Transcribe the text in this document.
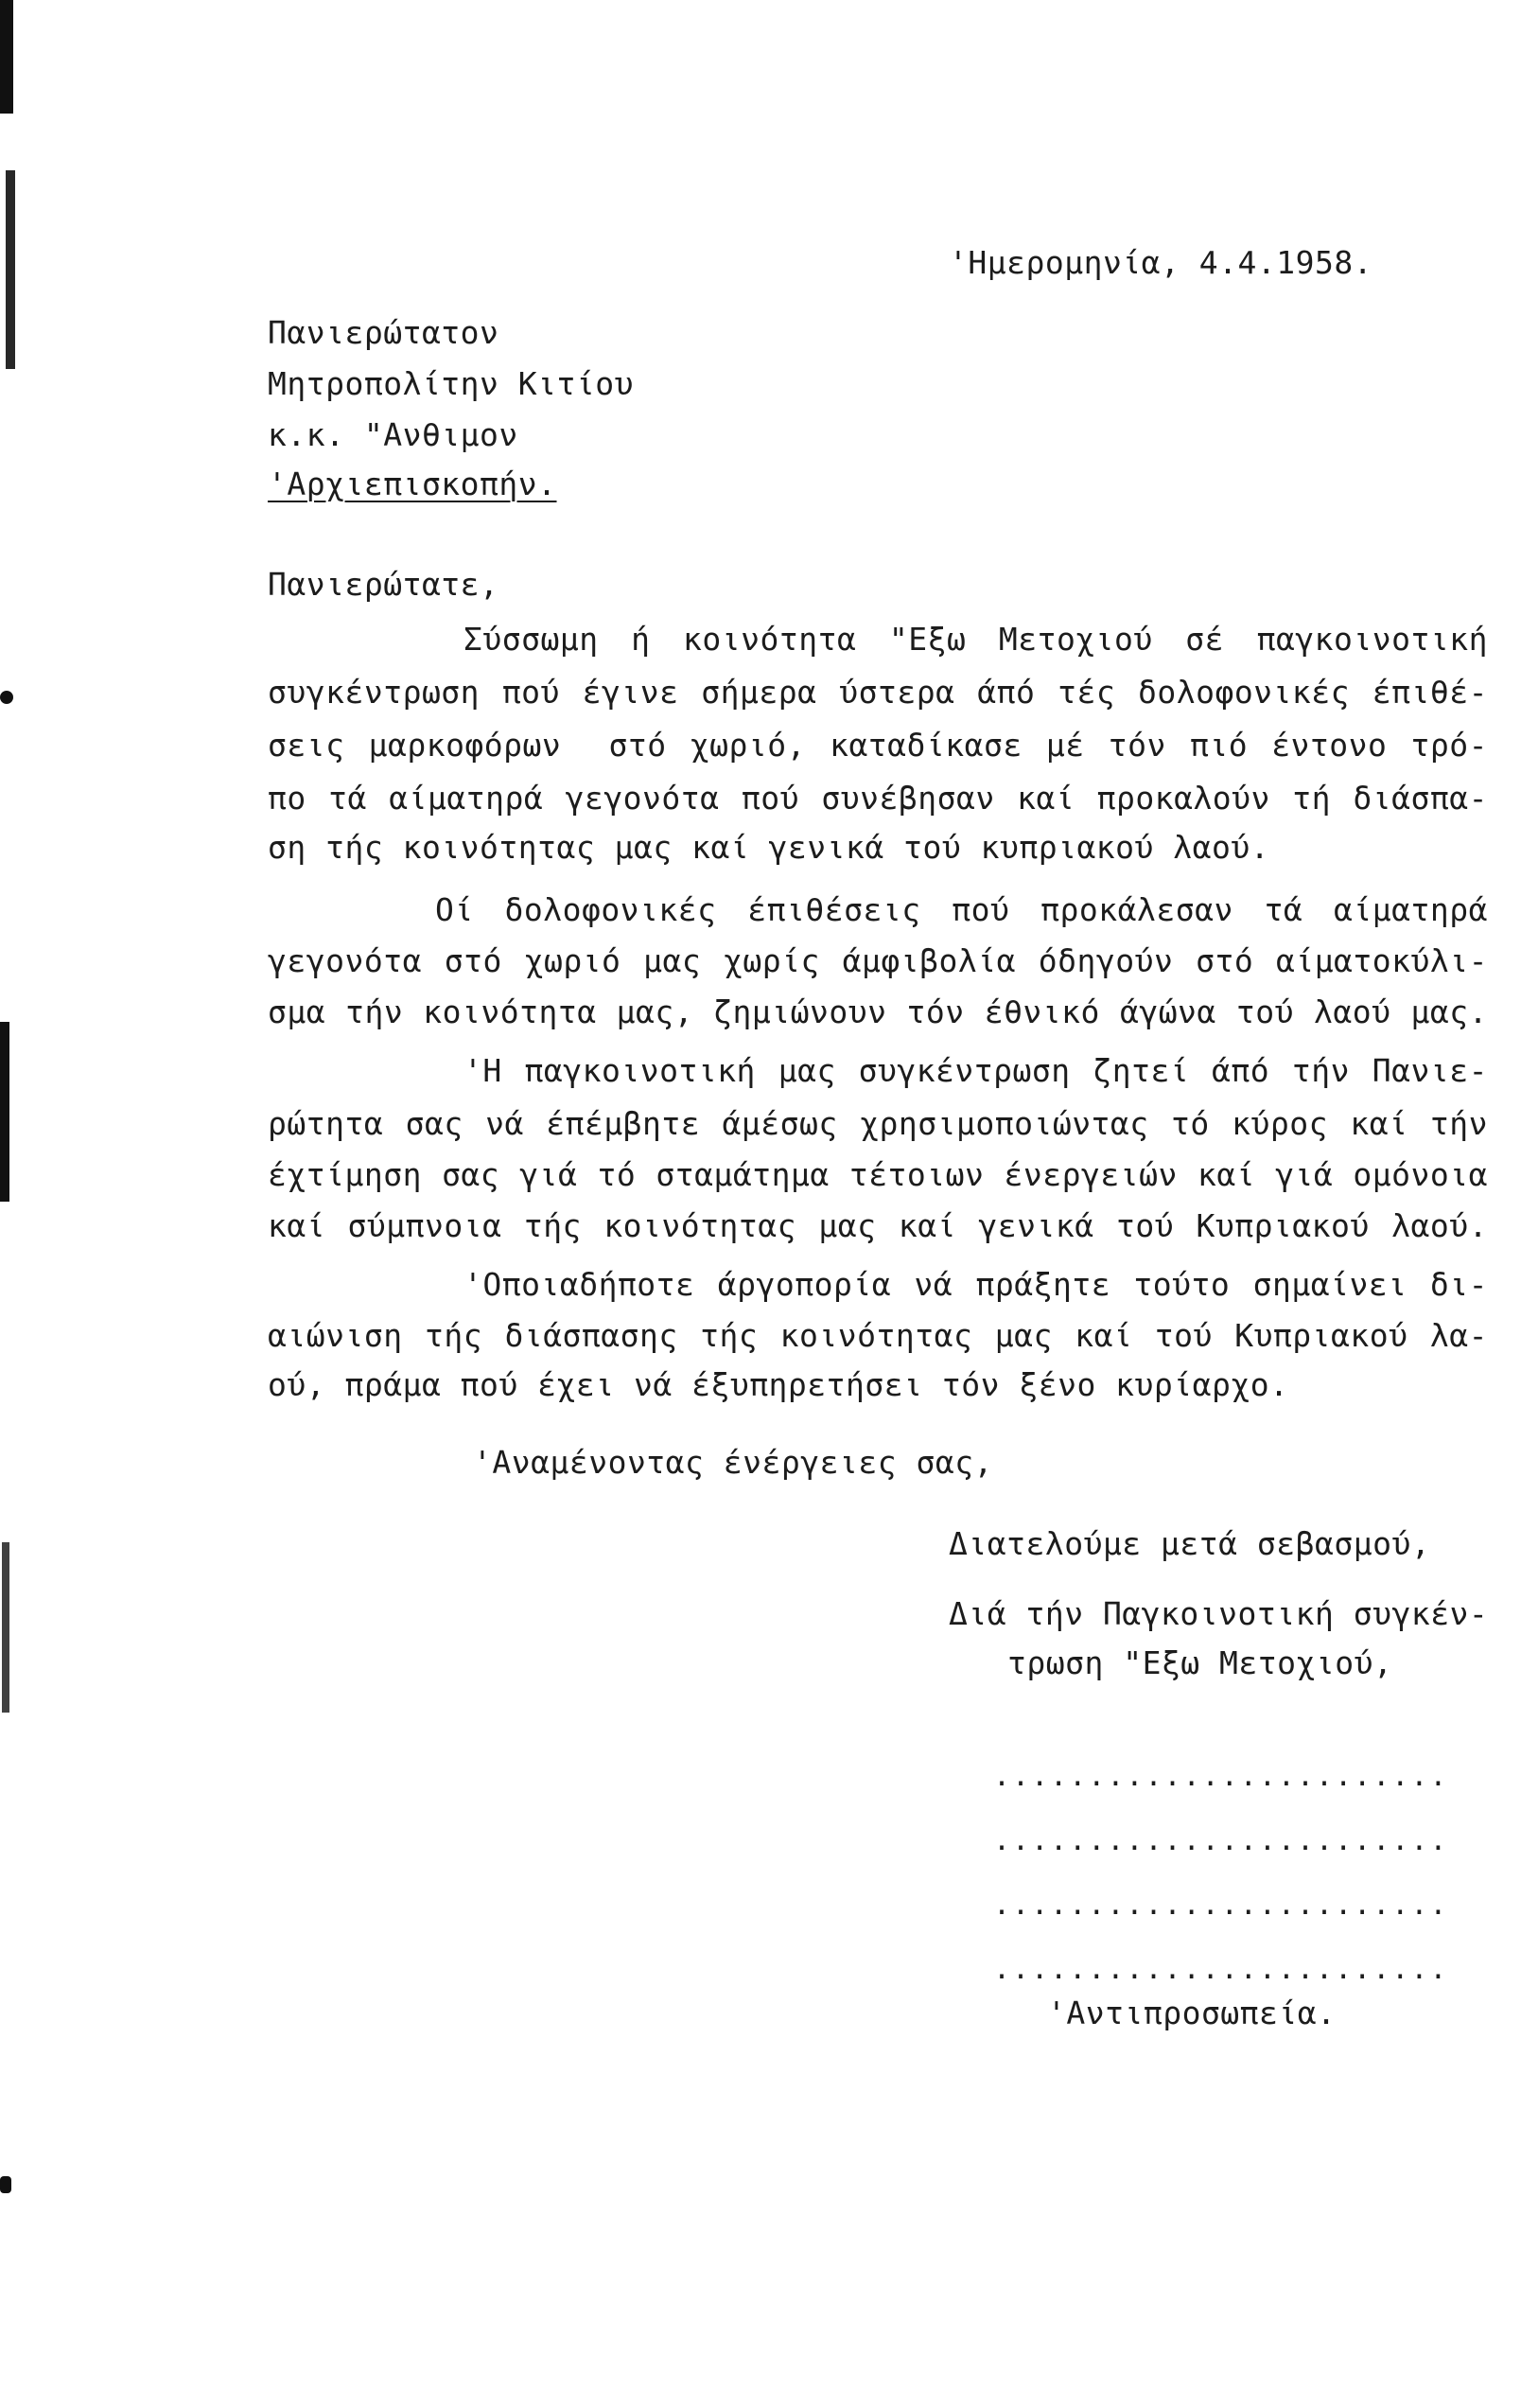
'Ημερομηνία, 4.4.1958.
Πανιερώτατον
Μητροπολίτην Κιτίου
κ.κ. "Ανθιμον
'Αρχιεπισκοπήν.
Πανιερώτατε,
Σύσσωμη ή κοινότητα "Εξω Μετοχιού σέ παγκοινοτική
συγκέντρωση πού έγινε σήμερα ύστερα άπό τές δολοφονικές έπιθέ-
σεις μαρκοφόρων  στό χωριό, καταδίκασε μέ τόν πιό έντονο τρό-
πο τά αίματηρά γεγονότα πού συνέβησαν καί προκαλούν τή διάσπα-
ση τής κοινότητας μας καί γενικά τού κυπριακού λαού.
Οί δολοφονικές έπιθέσεις πού προκάλεσαν τά αίματηρά
γεγονότα στό χωριό μας χωρίς άμφιβολία όδηγούν στό αίματοκύλι-
σμα τήν κοινότητα μας, ζημιώνουν τόν έθνικό άγώνα τού λαού μας.
'Η παγκοινοτική μας συγκέντρωση ζητεί άπό τήν Πανιε-
ρώτητα σας νά έπέμβητε άμέσως χρησιμοποιώντας τό κύρος καί τήν
έχτίμηση σας γιά τό σταμάτημα τέτοιων ένεργειών καί γιά ομόνοια
καί σύμπνοια τής κοινότητας μας καί γενικά τού Κυπριακού λαού.
'Οποιαδήποτε άργοπορία νά πράξητε τούτο σημαίνει δι-
αιώνιση τής διάσπασης τής κοινότητας μας καί τού Κυπριακού λα-
ού, πράμα πού έχει νά έξυπηρετήσει τόν ξένο κυρίαρχο.
'Αναμένοντας ένέργειες σας,
Διατελούμε μετά σεβασμού,
Διά τήν Παγκοινοτική συγκέν-
τρωση "Εξω Μετοχιού,
........................
........................
........................
........................
'Αντιπροσωπεία.
